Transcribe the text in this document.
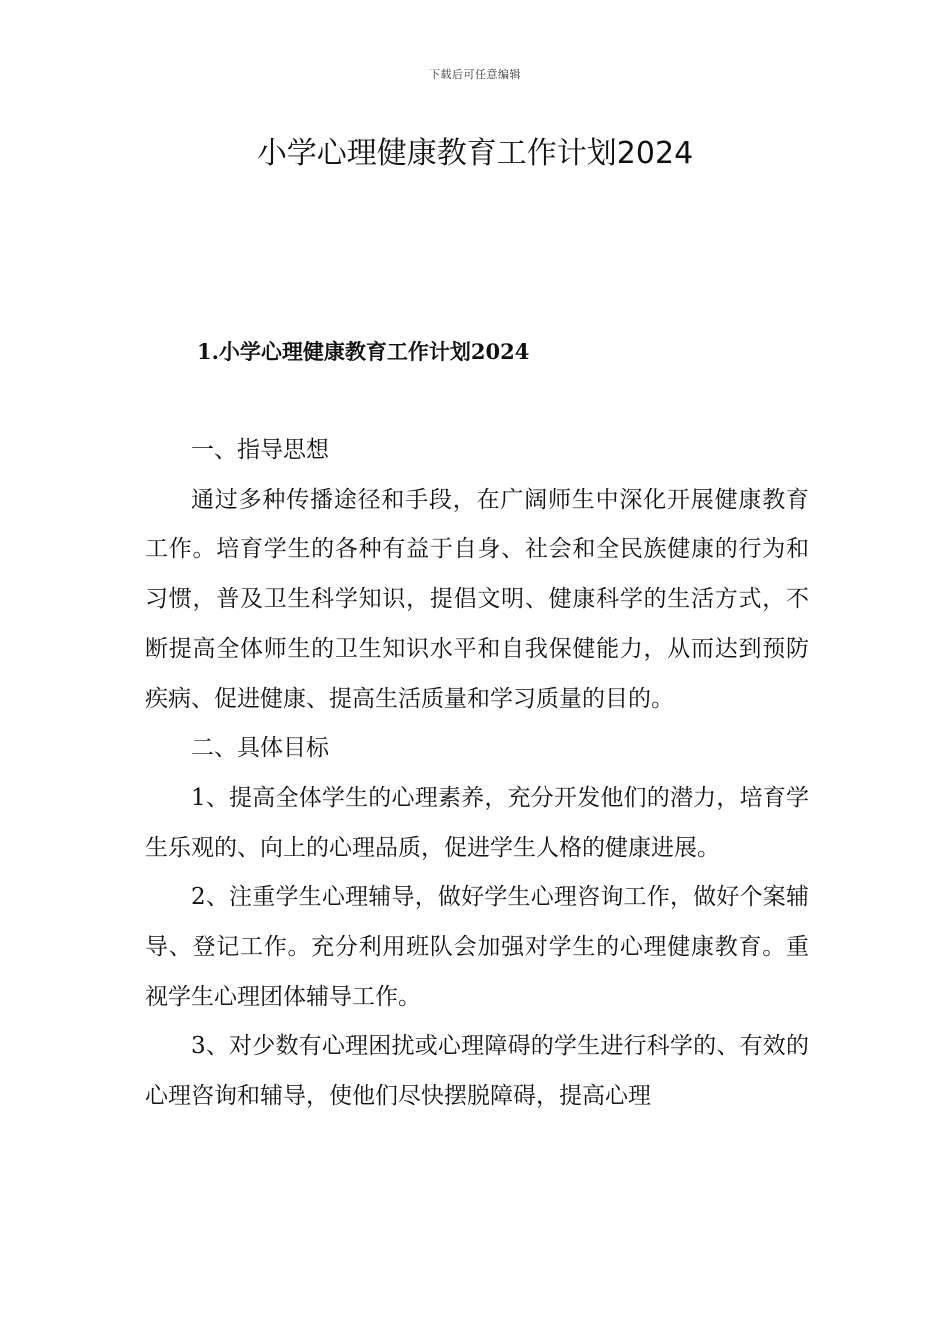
下载后可任意编辑
小学心理健康教育工作计划2024
1.小学心理健康教育工作计划2024

一、指导思想

通过多种传播途径和手段，在广阔师生中深化开展健康教育工作。培育学生的各种有益于自身、社会和全民族健康的行为和习惯，普及卫生科学知识，提倡文明、健康科学的生活方式，不断提高全体师生的卫生知识水平和自我保健能力，从而达到预防疾病、促进健康、提高生活质量和学习质量的目的。

二、具体目标

1、提高全体学生的心理素养，充分开发他们的潜力，培育学生乐观的、向上的心理品质，促进学生人格的健康进展。

2、注重学生心理辅导，做好学生心理咨询工作，做好个案辅导、登记工作。充分利用班队会加强对学生的心理健康教育。重视学生心理团体辅导工作。

3、对少数有心理困扰或心理障碍的学生进行科学的、有效的心理咨询和辅导，使他们尽快摆脱障碍，提高心理
